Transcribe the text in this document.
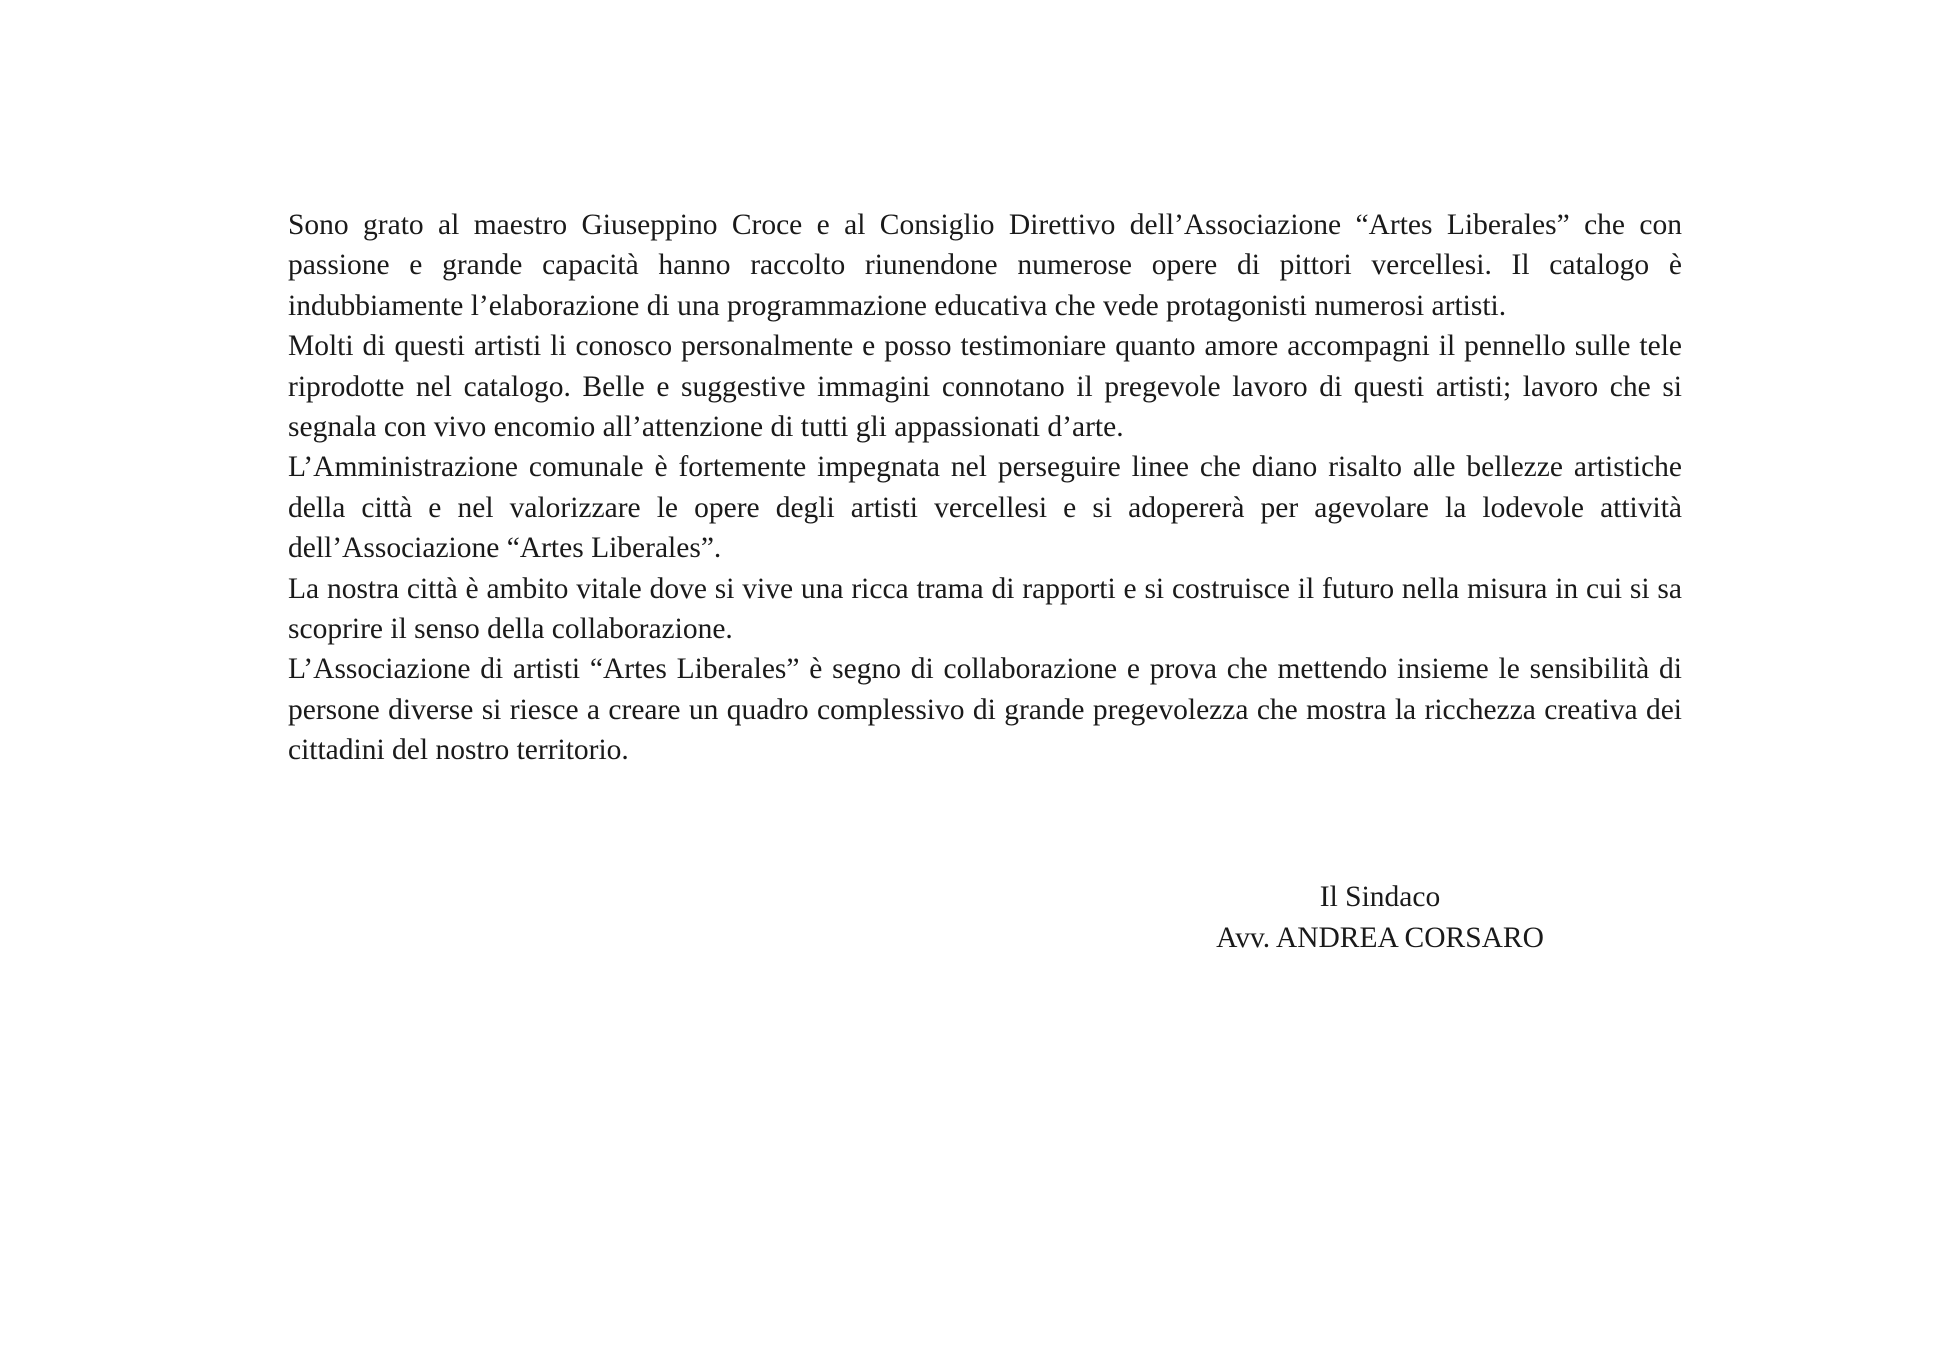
Sono grato al maestro Giuseppino Croce e al Consiglio Direttivo dell’Associazione “Artes Liberales” che con passione e grande capacità hanno raccolto riunendone numerose opere di pittori vercellesi. Il catalogo è indubbiamente l’elaborazione di una programmazione educativa che vede protagonisti numerosi artisti.

Molti di questi artisti li conosco personalmente e posso testimoniare quanto amore accompagni il pennello sulle tele riprodotte nel catalogo. Belle e suggestive immagini connotano il pregevole lavoro di questi artisti; lavoro che si segnala con vivo encomio all’attenzione di tutti gli appassionati d’arte.

L’Amministrazione comunale è fortemente impegnata nel perseguire linee che diano risalto alle bellezze artistiche della città e nel valorizzare le opere degli artisti vercellesi e si adopererà per agevolare la lodevole attività dell’Associazione “Artes Liberales”.

La nostra città è ambito vitale dove si vive una ricca trama di rapporti e si costruisce il futuro nella misura in cui si sa scoprire il senso della collaborazione.

L’Associazione di artisti “Artes Liberales” è segno di collaborazione e prova che mettendo insieme le sensibilità di persone diverse si riesce a creare un quadro complessivo di grande pregevolezza che mostra la ricchezza creativa dei cittadini del nostro territorio.

Il Sindaco
Avv. ANDREA CORSARO
